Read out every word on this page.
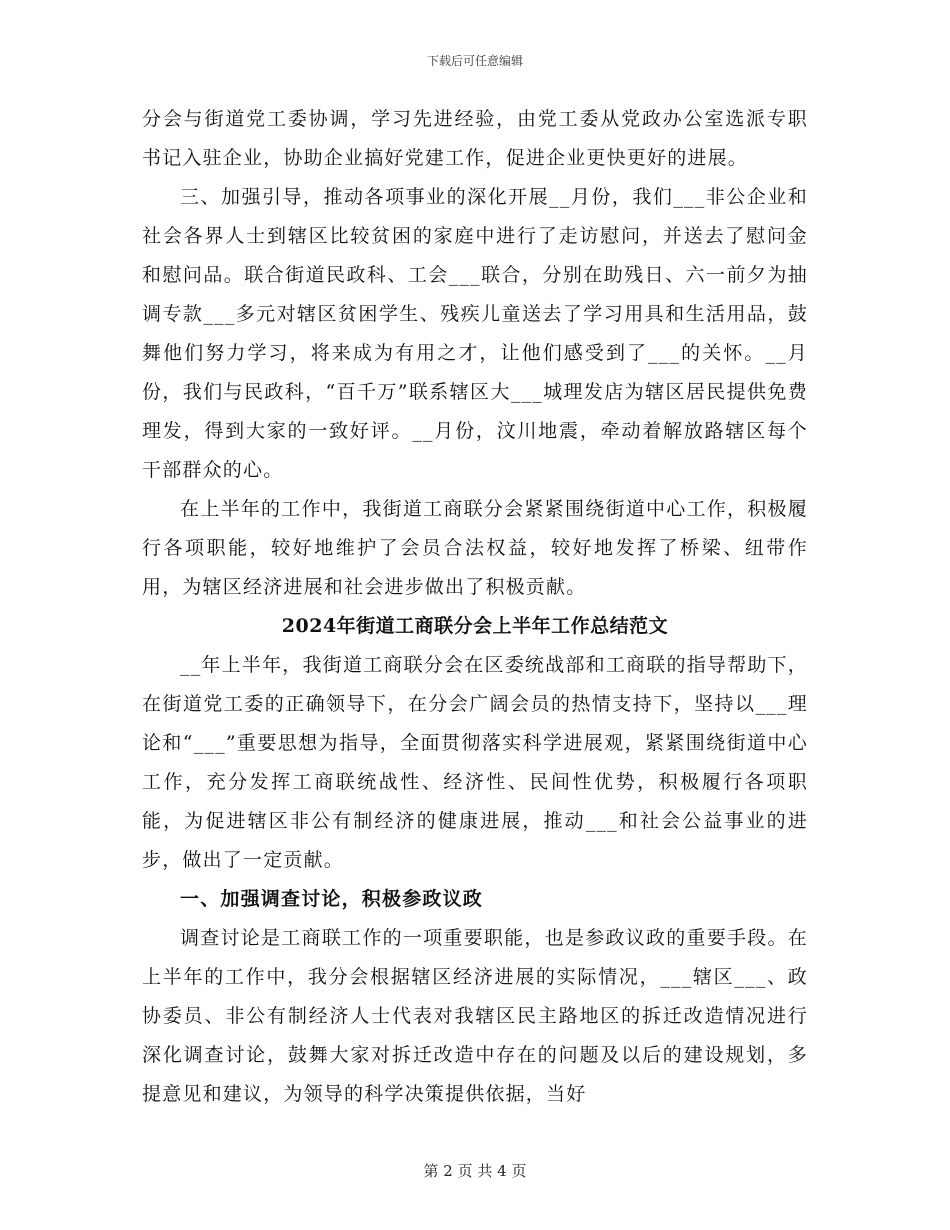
下载后可任意编辑

分会与街道党工委协调，学习先进经验，由党工委从党政办公室选派专职书记入驻企业，协助企业搞好党建工作，促进企业更快更好的进展。

三、加强引导，推动各项事业的深化开展__月份，我们___非公企业和社会各界人士到辖区比较贫困的家庭中进行了走访慰问，并送去了慰问金和慰问品。联合街道民政科、工会___联合，分别在助残日、六一前夕为抽调专款___多元对辖区贫困学生、残疾儿童送去了学习用具和生活用品，鼓舞他们努力学习，将来成为有用之才，让他们感受到了___的关怀。__月份，我们与民政科，“百千万”联系辖区大___城理发店为辖区居民提供免费理发，得到大家的一致好评。__月份，汶川地震，牵动着解放路辖区每个干部群众的心。

在上半年的工作中，我街道工商联分会紧紧围绕街道中心工作，积极履行各项职能，较好地维护了会员合法权益，较好地发挥了桥梁、纽带作用，为辖区经济进展和社会进步做出了积极贡献。

2024年街道工商联分会上半年工作总结范文

__年上半年，我街道工商联分会在区委统战部和工商联的指导帮助下，在街道党工委的正确领导下，在分会广阔会员的热情支持下，坚持以___理论和“___”重要思想为指导，全面贯彻落实科学进展观，紧紧围绕街道中心工作，充分发挥工商联统战性、经济性、民间性优势，积极履行各项职能，为促进辖区非公有制经济的健康进展，推动___和社会公益事业的进步，做出了一定贡献。

一、加强调查讨论，积极参政议政

调查讨论是工商联工作的一项重要职能，也是参政议政的重要手段。在上半年的工作中，我分会根据辖区经济进展的实际情况，___辖区___、政协委员、非公有制经济人士代表对我辖区民主路地区的拆迁改造情况进行深化调查讨论，鼓舞大家对拆迁改造中存在的问题及以后的建设规划，多提意见和建议，为领导的科学决策提供依据，当好

第 2 页 共 4 页
